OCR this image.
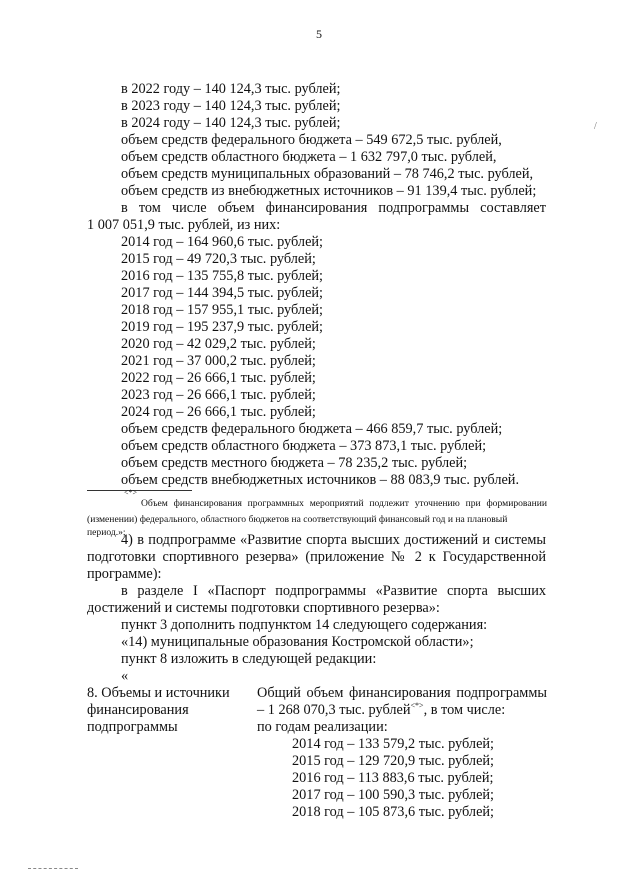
5
/
в 2022 году – 140 124,3 тыс. рублей;
в 2023 году – 140 124,3 тыс. рублей;
в 2024 году – 140 124,3 тыс. рублей;
объем средств федерального бюджета – 549 672,5 тыс. рублей,
объем средств областного бюджета – 1 632 797,0 тыс. рублей,
объем средств муниципальных образований – 78 746,2 тыс. рублей,
объем средств из внебюджетных источников – 91 139,4 тыс. рублей;
в том числе объем финансирования подпрограммы составляет
1 007 051,9 тыс. рублей, из них:
2014 год – 164 960,6 тыс. рублей;
2015 год – 49 720,3 тыс. рублей;
2016 год – 135 755,8 тыс. рублей;
2017 год – 144 394,5 тыс. рублей;
2018 год – 157 955,1 тыс. рублей;
2019 год – 195 237,9 тыс. рублей;
2020 год – 42 029,2 тыс. рублей;
2021 год – 37 000,2 тыс. рублей;
2022 год – 26 666,1 тыс. рублей;
2023 год – 26 666,1 тыс. рублей;
2024 год – 26 666,1 тыс. рублей;
объем средств федерального бюджета – 466 859,7 тыс. рублей;
объем средств областного бюджета – 373 873,1 тыс. рублей;
объем средств местного бюджета – 78 235,2 тыс. рублей;
объем средств внебюджетных источников – 88 083,9 тыс. рублей.
<*>
Объем финансирования программных мероприятий подлежит уточнению при формировании
(изменении) федерального, областного бюджетов на соответствующий финансовый год и на плановый период.»;
4) в подпрограмме «Развитие спорта высших достижений и системы
подготовки спортивного резерва» (приложение № 2 к Государственной
программе):
в разделе I «Паспорт подпрограммы «Развитие спорта высших
достижений и системы подготовки спортивного резерва»:
пункт 3 дополнить подпунктом 14 следующего содержания:
«14) муниципальные образования Костромской области»;
пункт 8 изложить в следующей редакции:
«
8. Объемы и источники
финансирования
подпрограммы
Общий объем финансирования подпрограммы
– 1 268 070,3 тыс. рублей<*>, в том числе:
по годам реализации:
2014 год – 133 579,2 тыс. рублей;
2015 год – 129 720,9 тыс. рублей;
2016 год – 113 883,6 тыс. рублей;
2017 год – 100 590,3 тыс. рублей;
2018 год – 105 873,6 тыс. рублей;
